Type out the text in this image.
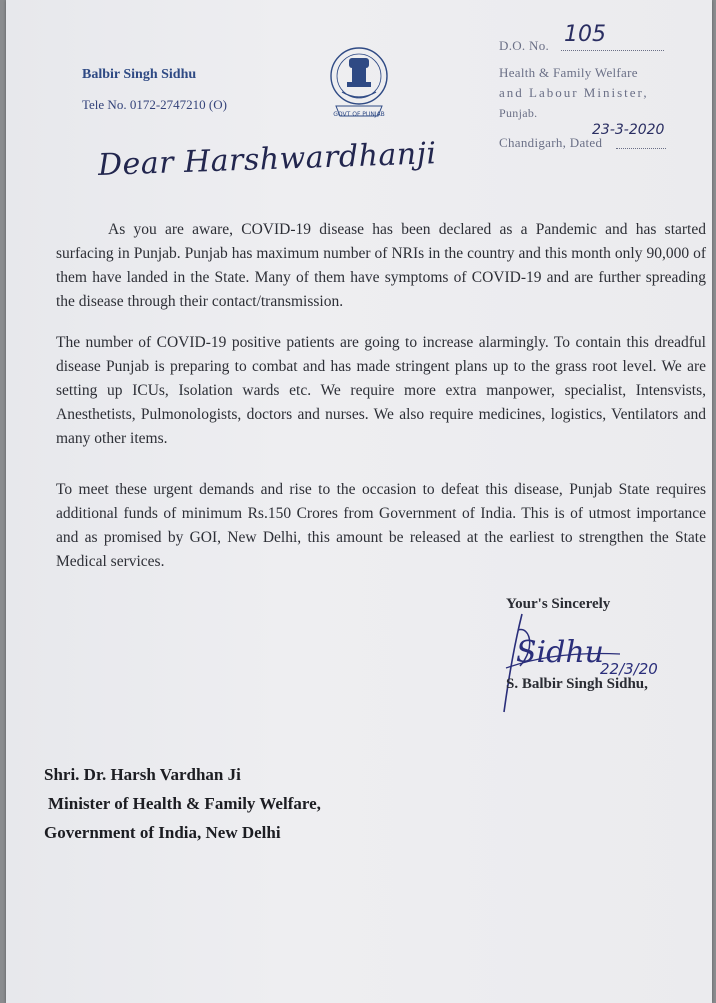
Balbir Singh Sidhu
Tele No. 0172-2747210 (O)
GOVT OF PUNJAB
D.O. No. 105
Health & Family Welfare
and Labour Minister,
Punjab.
Chandigarh, Dated
23-3-2020
Dear Harshwardhanji
As you are aware, COVID-19 disease has been declared as a Pandemic and has started surfacing in Punjab. Punjab has maximum number of NRIs in the country and this month only 90,000 of them have landed in the State. Many of them have symptoms of COVID-19 and are further spreading the disease through their contact/transmission.
The number of COVID-19 positive patients are going to increase alarmingly. To contain this dreadful disease Punjab is preparing to combat and has made stringent plans up to the grass root level. We are setting up ICUs, Isolation wards etc. We require more extra manpower, specialist, Intensvists, Anesthetists, Pulmonologists, doctors and nurses. We also require medicines, logistics, Ventilators and many other items.
To meet these urgent demands and rise to the occasion to defeat this disease, Punjab State requires additional funds of minimum Rs.150 Crores from Government of India. This is of utmost importance and as promised by GOI, New Delhi, this amount be released at the earliest to strengthen the State Medical services.
Your's Sincerely
Sidhu
22/3/20
S. Balbir Singh Sidhu,
Shri. Dr. Harsh Vardhan Ji
Minister of Health & Family Welfare,
Government of India, New Delhi
